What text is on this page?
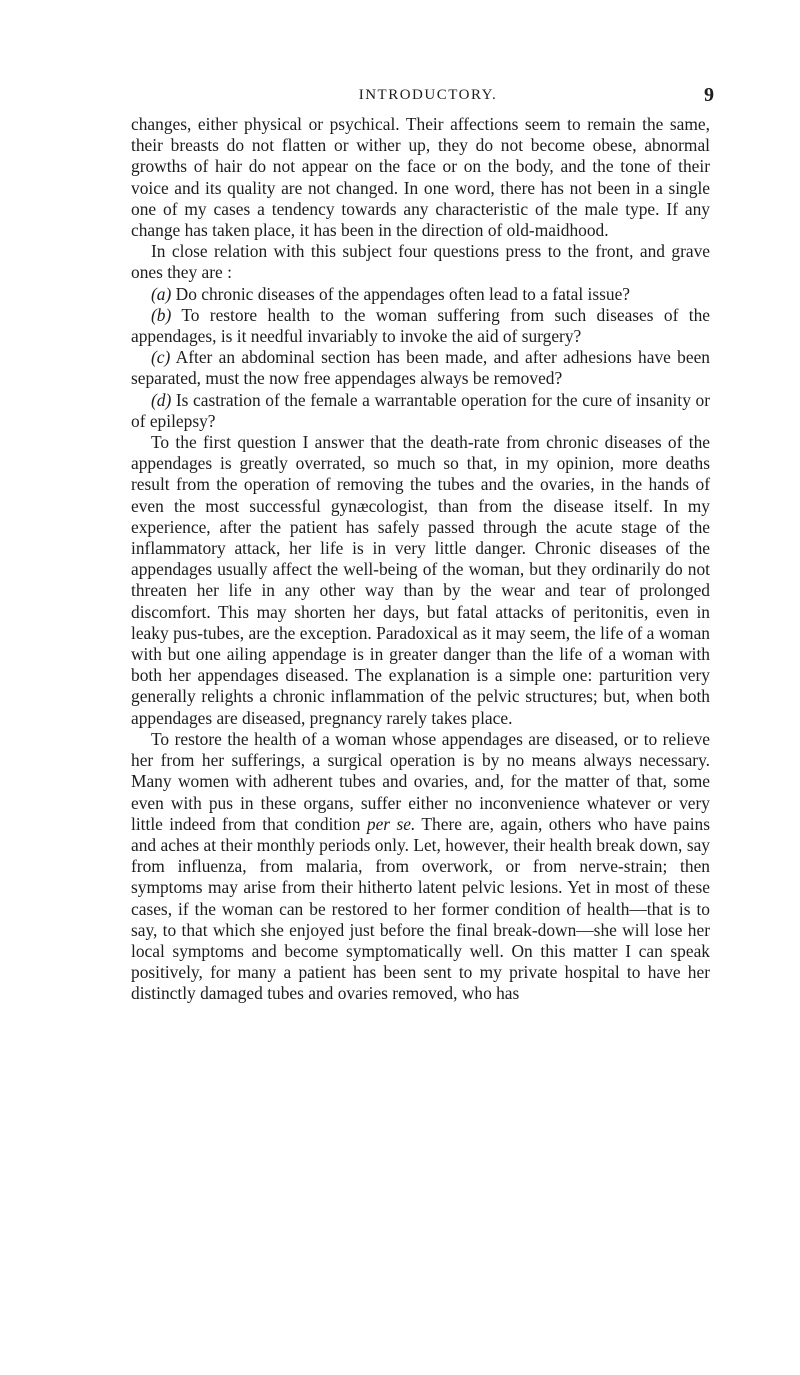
INTRODUCTORY.	9

changes, either physical or psychical. Their affections seem to remain the same, their breasts do not flatten or wither up, they do not become obese, abnormal growths of hair do not appear on the face or on the body, and the tone of their voice and its quality are not changed. In one word, there has not been in a single one of my cases a tendency towards any characteristic of the male type. If any change has taken place, it has been in the direction of old-maidhood.

In close relation with this subject four questions press to the front, and grave ones they are :

(a) Do chronic diseases of the appendages often lead to a fatal issue?

(b) To restore health to the woman suffering from such diseases of the appendages, is it needful invariably to invoke the aid of surgery?

(c) After an abdominal section has been made, and after adhesions have been separated, must the now free appendages always be removed?

(d) Is castration of the female a warrantable operation for the cure of insanity or of epilepsy?

To the first question I answer that the death-rate from chronic diseases of the appendages is greatly overrated, so much so that, in my opinion, more deaths result from the operation of removing the tubes and the ovaries, in the hands of even the most successful gynæcologist, than from the disease itself. In my experience, after the patient has safely passed through the acute stage of the inflammatory attack, her life is in very little danger. Chronic diseases of the appendages usually affect the well-being of the woman, but they ordinarily do not threaten her life in any other way than by the wear and tear of prolonged discomfort. This may shorten her days, but fatal attacks of peritonitis, even in leaky pus-tubes, are the exception. Paradoxical as it may seem, the life of a woman with but one ailing appendage is in greater danger than the life of a woman with both her appendages diseased. The explanation is a simple one: parturition very generally relights a chronic inflammation of the pelvic structures; but, when both appendages are diseased, pregnancy rarely takes place.

To restore the health of a woman whose appendages are diseased, or to relieve her from her sufferings, a surgical operation is by no means always necessary. Many women with adherent tubes and ovaries, and, for the matter of that, some even with pus in these organs, suffer either no inconvenience whatever or very little indeed from that condition per se. There are, again, others who have pains and aches at their monthly periods only. Let, however, their health break down, say from influenza, from malaria, from overwork, or from nerve-strain; then symptoms may arise from their hitherto latent pelvic lesions. Yet in most of these cases, if the woman can be restored to her former condition of health—that is to say, to that which she enjoyed just before the final break-down—she will lose her local symptoms and become symptomatically well. On this matter I can speak positively, for many a patient has been sent to my private hospital to have her distinctly damaged tubes and ovaries removed, who has
